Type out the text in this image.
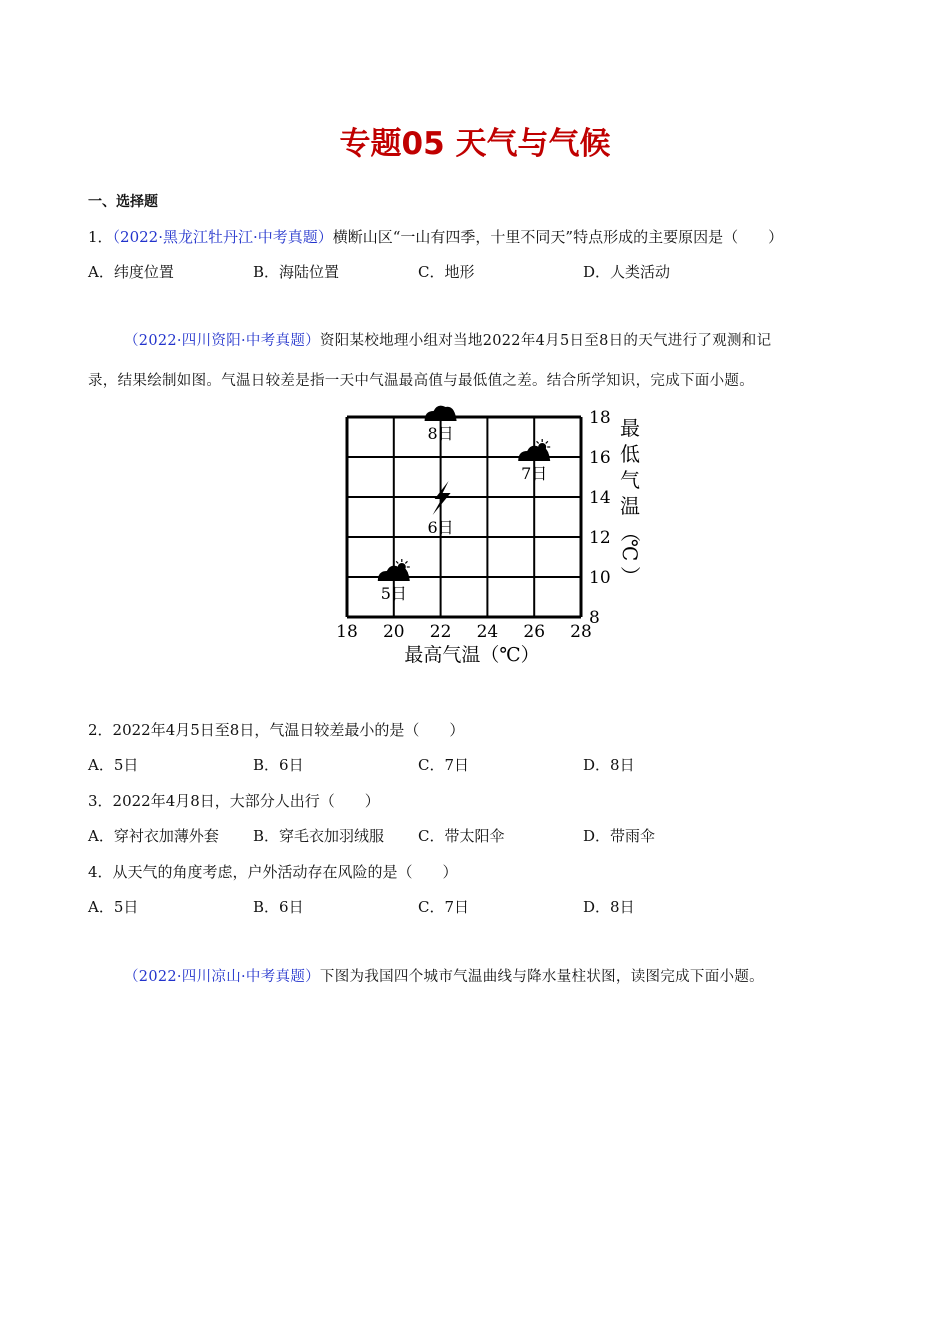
专题05 天气与气候
一、选择题
1．（2022·黑龙江牡丹江·中考真题）横断山区“一山有四季，十里不同天”特点形成的主要原因是（　　）
A．纬度位置	B．海陆位置	C．地形	D．人类活动
（2022·四川资阳·中考真题）资阳某校地理小组对当地2022年4月5日至8日的天气进行了观测和记
录，结果绘制如图。气温日较差是指一天中气温最高值与最低值之差。结合所学知识，完成下面小题。
18 20 22 24 26 28
8
10
12
14
16
18
5日
6日
7日
8日
最高气温（℃）
最
低
气
温
（
℃
）
2．2022年4月5日至8日，气温日较差最小的是（　　）
A．5日	B．6日	C．7日	D．8日
3．2022年4月8日，大部分人出行（　　）
A．穿衬衣加薄外套 B．穿毛衣加羽绒服 C．带太阳伞	D．带雨伞
4．从天气的角度考虑，户外活动存在风险的是（　　）
A．5日	B．6日	C．7日	D．8日
（2022·四川凉山·中考真题）下图为我国四个城市气温曲线与降水量柱状图，读图完成下面小题。
